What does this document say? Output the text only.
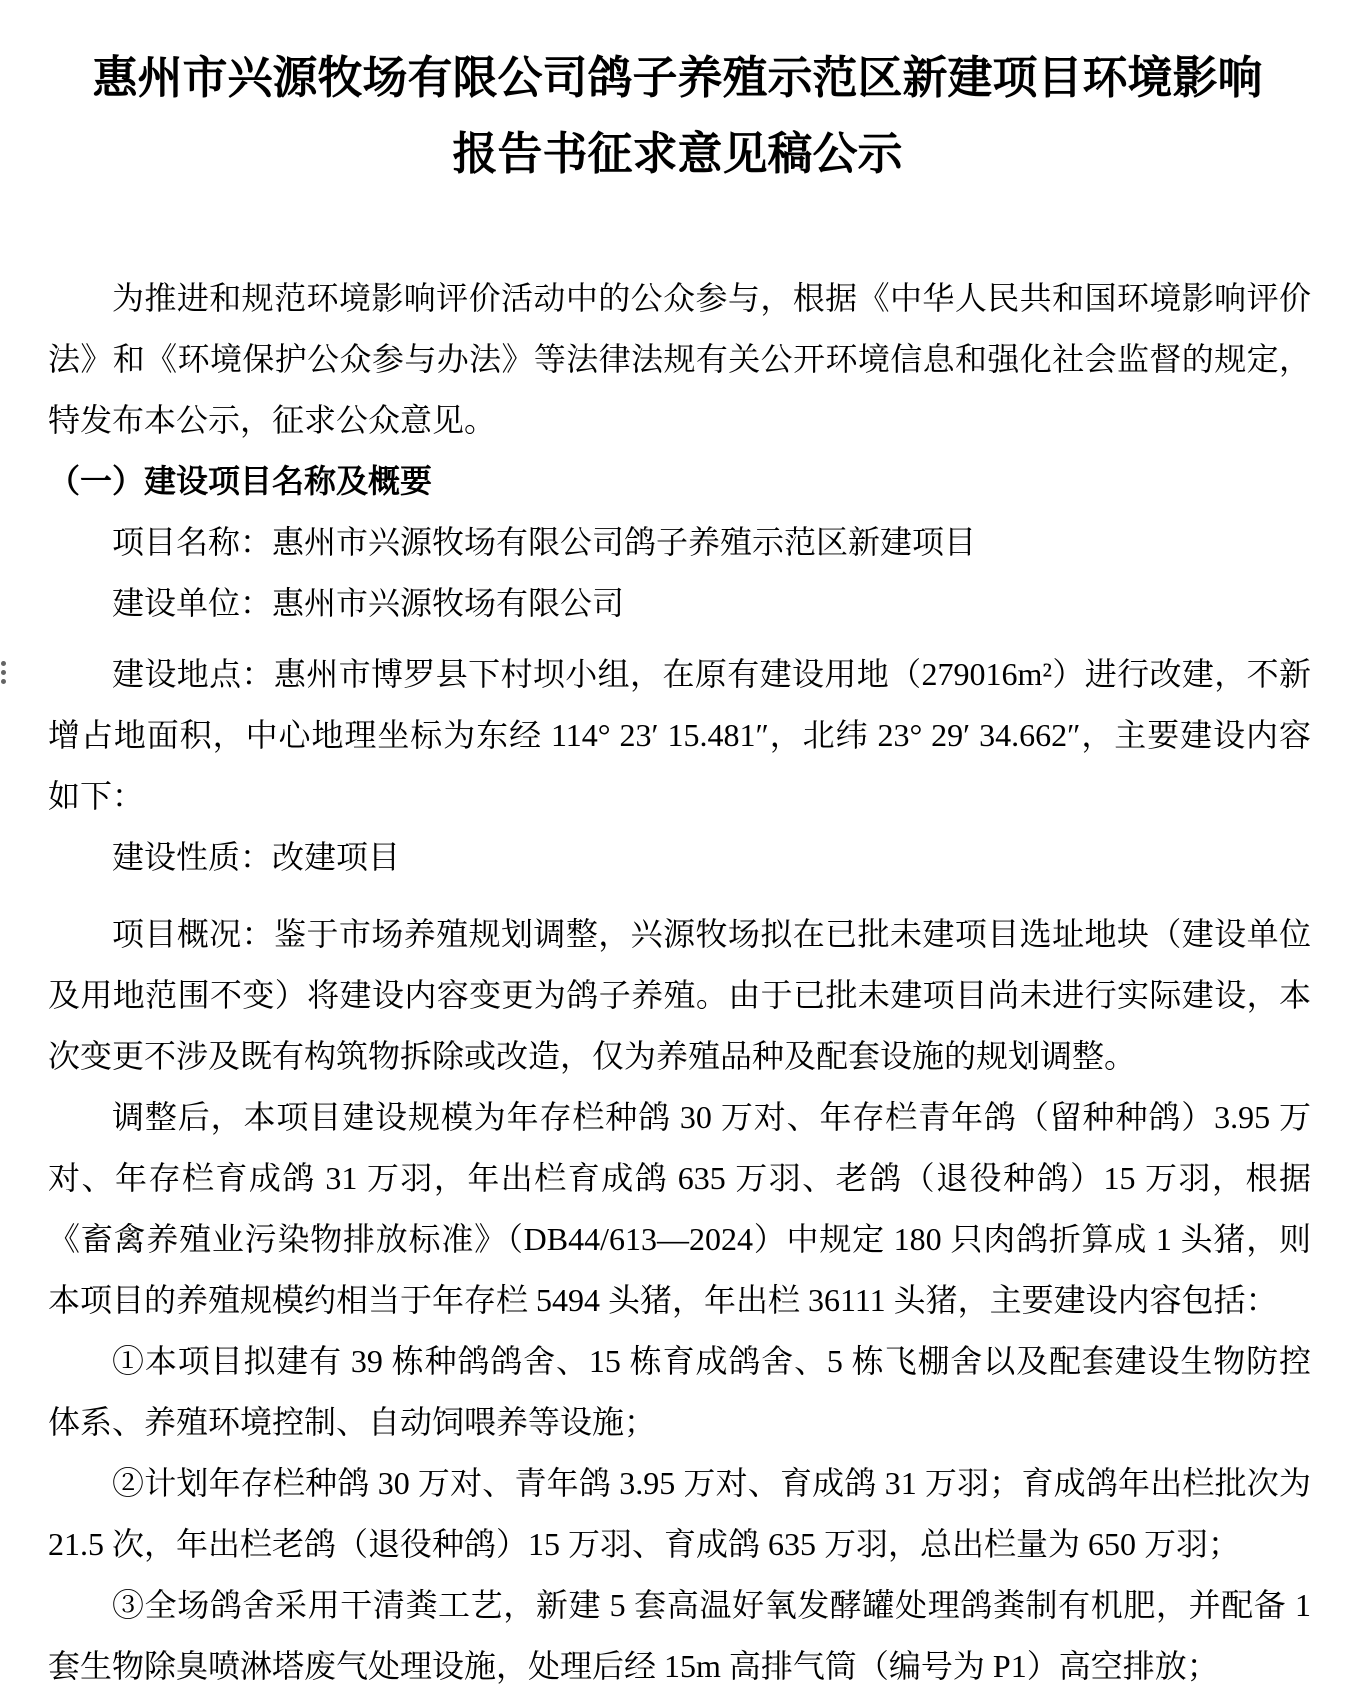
惠州市兴源牧场有限公司鸽子养殖示范区新建项目环境影响
报告书征求意见稿公示

为推进和规范环境影响评价活动中的公众参与，根据《中华人民共和国环境影响评价法》和《环境保护公众参与办法》等法律法规有关公开环境信息和强化社会监督的规定，特发布本公示，征求公众意见。

（一）建设项目名称及概要

项目名称：惠州市兴源牧场有限公司鸽子养殖示范区新建项目

建设单位：惠州市兴源牧场有限公司

建设地点：惠州市博罗县下村坝小组，在原有建设用地（279016m²）进行改建，不新增占地面积，中心地理坐标为东经 114° 23′ 15.481″，北纬 23° 29′ 34.662″，主要建设内容如下：

建设性质：改建项目

项目概况：鉴于市场养殖规划调整，兴源牧场拟在已批未建项目选址地块（建设单位及用地范围不变）将建设内容变更为鸽子养殖。由于已批未建项目尚未进行实际建设，本次变更不涉及既有构筑物拆除或改造，仅为养殖品种及配套设施的规划调整。

调整后，本项目建设规模为年存栏种鸽 30 万对、年存栏青年鸽（留种种鸽）3.95 万对、年存栏育成鸽 31 万羽，年出栏育成鸽 635 万羽、老鸽（退役种鸽）15 万羽，根据《畜禽养殖业污染物排放标准》（DB44/613—2024）中规定 180 只肉鸽折算成 1 头猪，则本项目的养殖规模约相当于年存栏 5494 头猪，年出栏 36111 头猪，主要建设内容包括：

①本项目拟建有 39 栋种鸽鸽舍、15 栋育成鸽舍、5 栋飞棚舍以及配套建设生物防控体系、养殖环境控制、自动饲喂养等设施；

②计划年存栏种鸽 30 万对、青年鸽 3.95 万对、育成鸽 31 万羽；育成鸽年出栏批次为 21.5 次，年出栏老鸽（退役种鸽）15 万羽、育成鸽 635 万羽，总出栏量为 650 万羽；

③全场鸽舍采用干清粪工艺，新建 5 套高温好氧发酵罐处理鸽粪制有机肥，并配备 1 套生物除臭喷淋塔废气处理设施，处理后经 15m 高排气筒（编号为 P1）高空排放；
